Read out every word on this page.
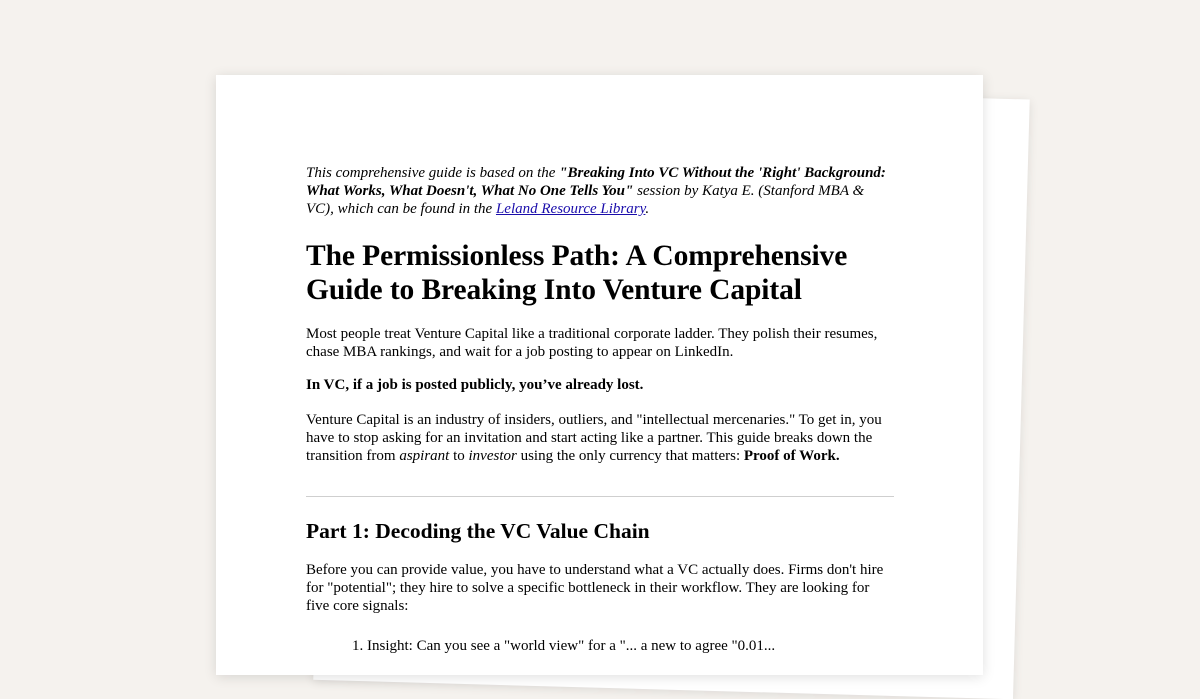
This comprehensive guide is based on the "Breaking Into VC Without the 'Right' Background: What Works, What Doesn't, What No One Tells You" session by Katya E. (Stanford MBA & VC), which can be found in the Leland Resource Library.

The Permissionless Path: A Comprehensive Guide to Breaking Into Venture Capital

Most people treat Venture Capital like a traditional corporate ladder. They polish their resumes, chase MBA rankings, and wait for a job posting to appear on LinkedIn.

In VC, if a job is posted publicly, you’ve already lost.

Venture Capital is an industry of insiders, outliers, and "intellectual mercenaries." To get in, you have to stop asking for an invitation and start acting like a partner. This guide breaks down the transition from aspirant to investor using the only currency that matters: Proof of Work.

Part 1: Decoding the VC Value Chain

Before you can provide value, you have to understand what a VC actually does. Firms don't hire for "potential"; they hire to solve a specific bottleneck in their workflow. They are looking for five core signals:

1. Insight: Can you see a "world view" for a "... a new to agree "0.01...
